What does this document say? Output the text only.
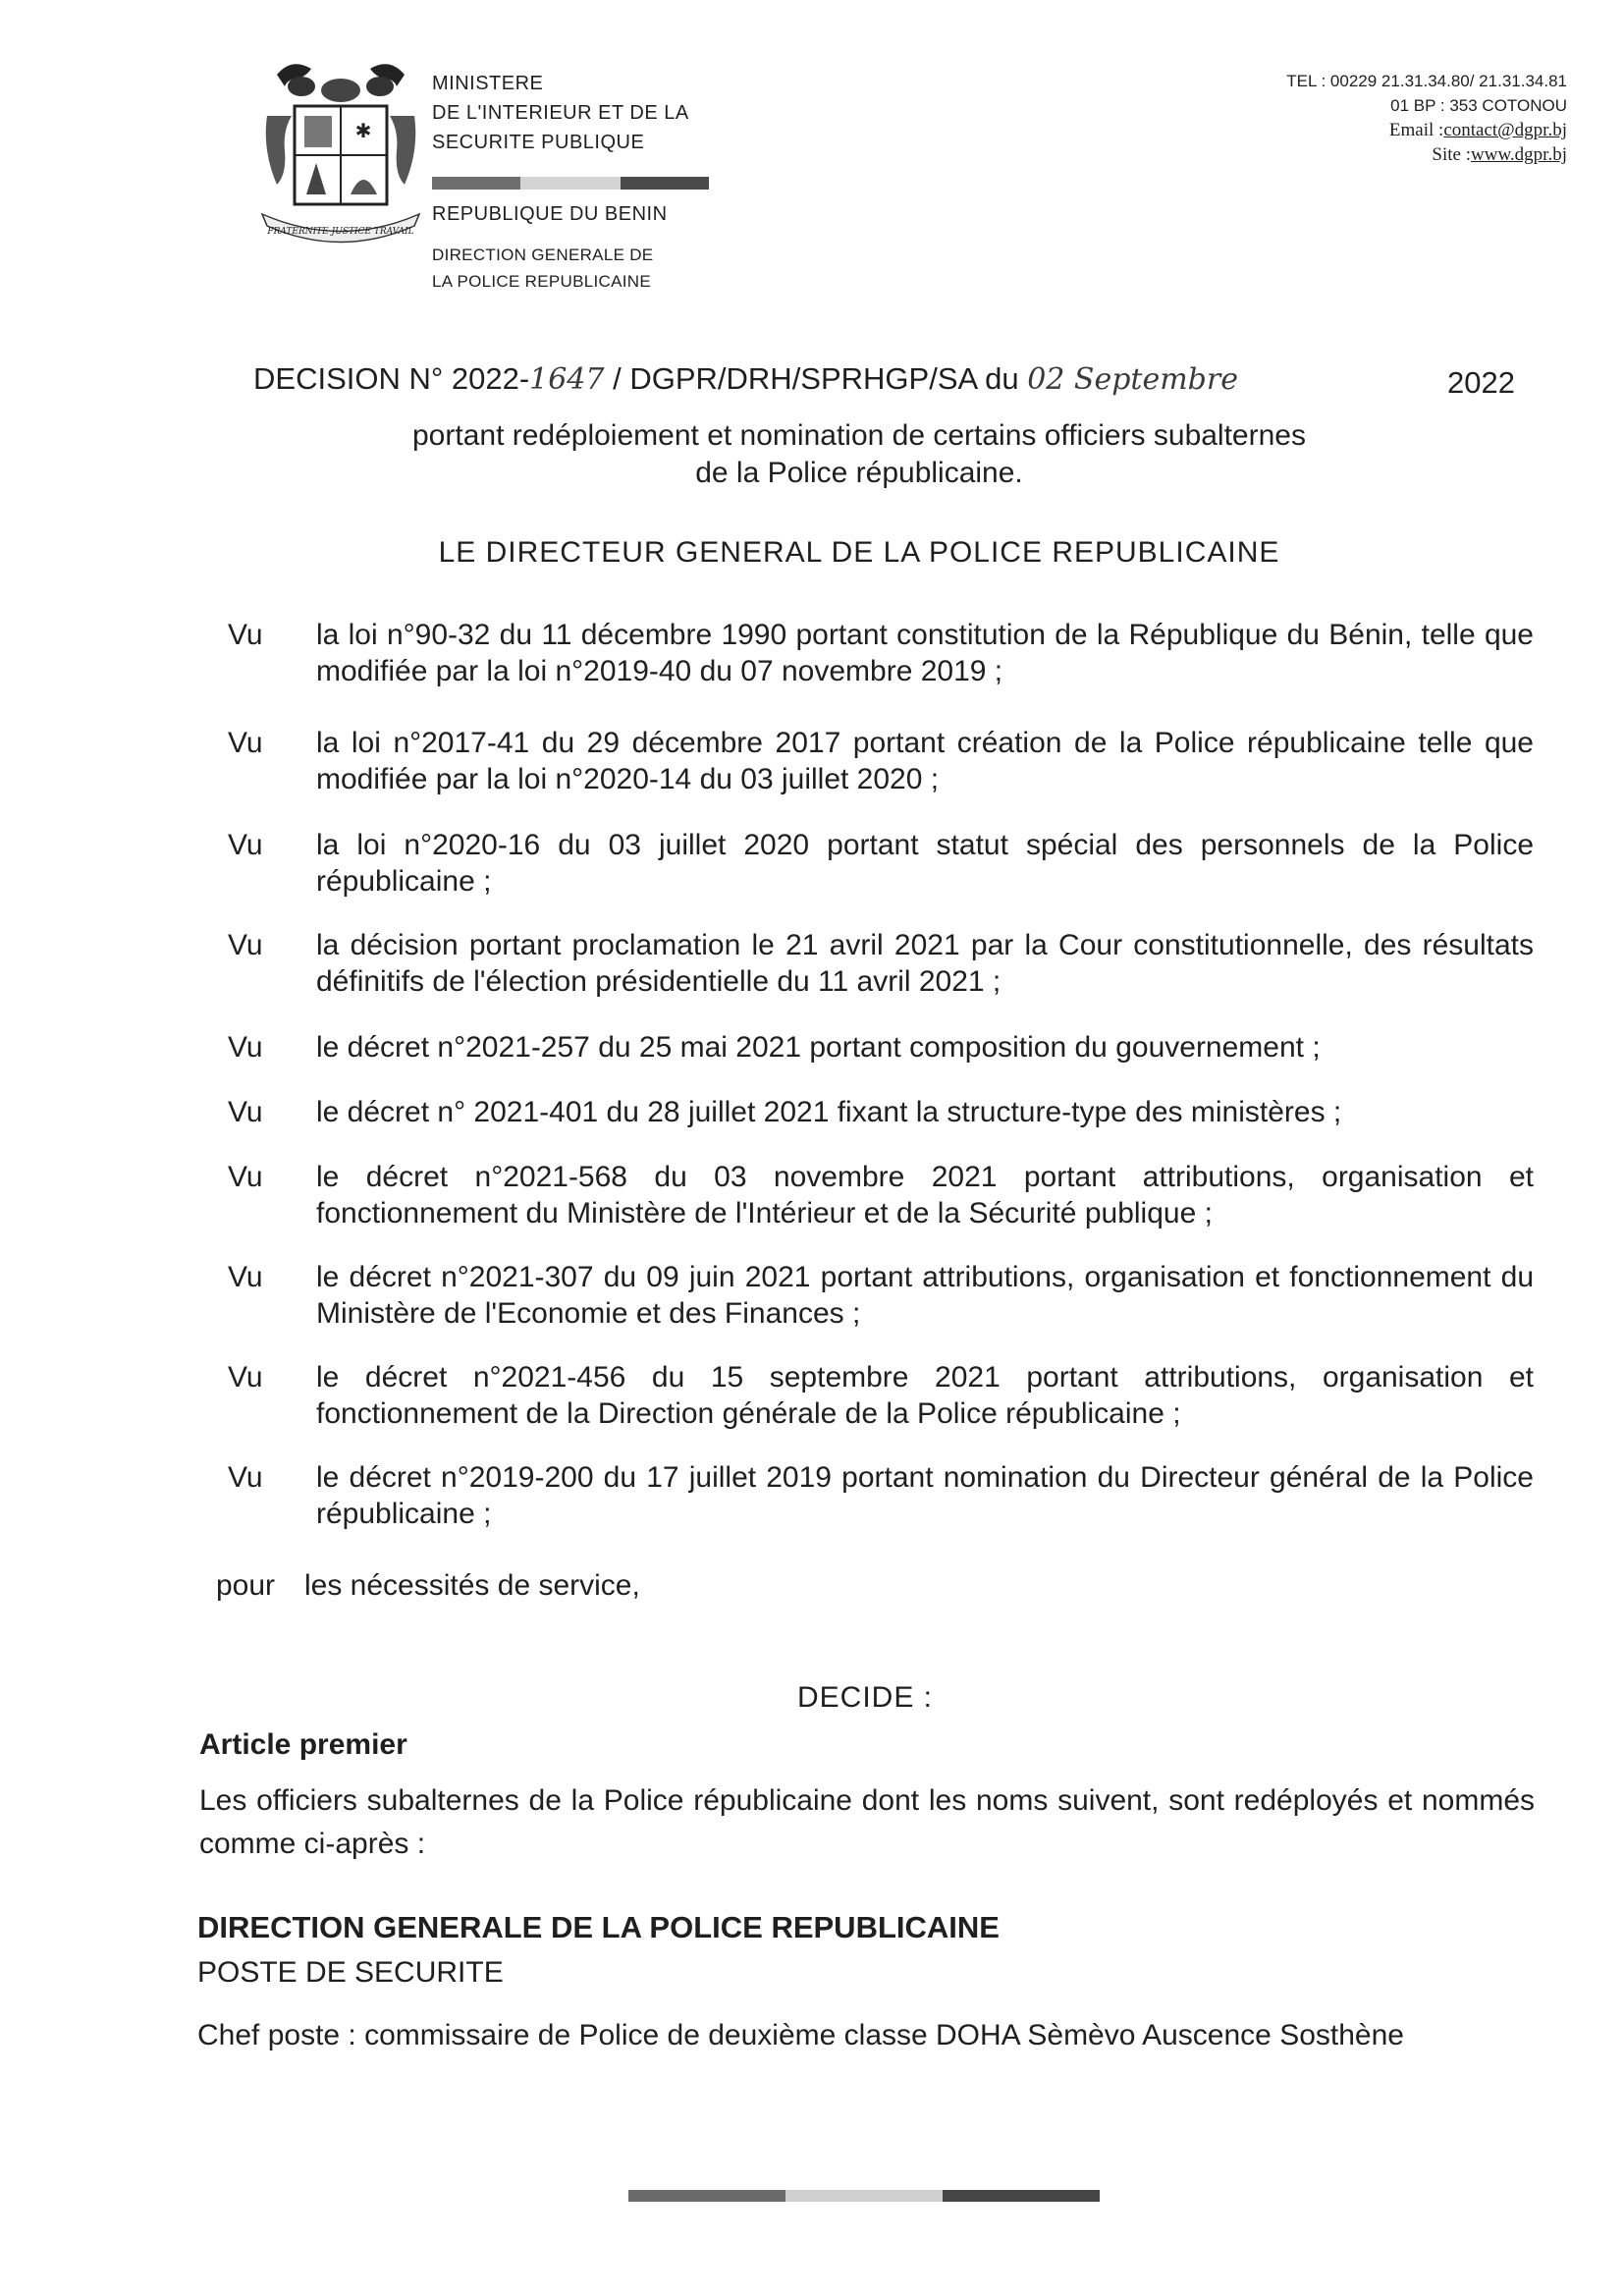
✱
FRATERNITE JUSTICE TRAVAIL
MINISTERE
DE L'INTERIEUR ET DE LA
SECURITE PUBLIQUE
REPUBLIQUE DU BENIN
DIRECTION GENERALE DE
LA POLICE REPUBLICAINE
TEL : 00229 21.31.34.80/ 21.31.34.81
01 BP : 353 COTONOU
Email :contact@dgpr.bj
Site :www.dgpr.bj
DECISION N° 2022-1647 / DGPR/DRH/SPRHGP/SA du 02 Septembre	2022
portant redéploiement et nomination de certains officiers subalternes
de la Police républicaine.
LE DIRECTEUR GENERAL DE LA POLICE REPUBLICAINE
Vu	la loi n°90-32 du 11 décembre 1990 portant constitution de la République du Bénin, telle que modifiée par la loi n°2019-40 du 07 novembre 2019 ;
Vu	la loi n°2017-41 du 29 décembre 2017 portant création de la Police républicaine telle que modifiée par la loi n°2020-14 du 03 juillet 2020 ;
Vu	la loi n°2020-16 du 03 juillet 2020 portant statut spécial des personnels de la Police républicaine ;
Vu	la décision portant proclamation le 21 avril 2021 par la Cour constitutionnelle, des résultats définitifs de l'élection présidentielle du 11 avril 2021 ;
Vu	le décret n°2021-257 du 25 mai 2021 portant composition du gouvernement ;
Vu	le décret n° 2021-401 du 28 juillet 2021 fixant la structure-type des ministères ;
Vu	le décret n°2021-568 du 03 novembre 2021 portant attributions, organisation et fonctionnement du Ministère de l'Intérieur et de la Sécurité publique ;
Vu	le décret n°2021-307 du 09 juin 2021 portant attributions, organisation et fonctionnement du Ministère de l'Economie et des Finances ;
Vu	le décret n°2021-456 du 15 septembre 2021 portant attributions, organisation et fonctionnement de la Direction générale de la Police républicaine ;
Vu	le décret n°2019-200 du 17 juillet 2019 portant nomination du Directeur général de la Police républicaine ;
pour les nécessités de service,
DECIDE :
Article premier
Les officiers subalternes de la Police républicaine dont les noms suivent, sont redéployés et nommés comme ci-après :
DIRECTION GENERALE DE LA POLICE REPUBLICAINE
POSTE DE SECURITE
Chef poste : commissaire de Police de deuxième classe DOHA Sèmèvo Auscence Sosthène
